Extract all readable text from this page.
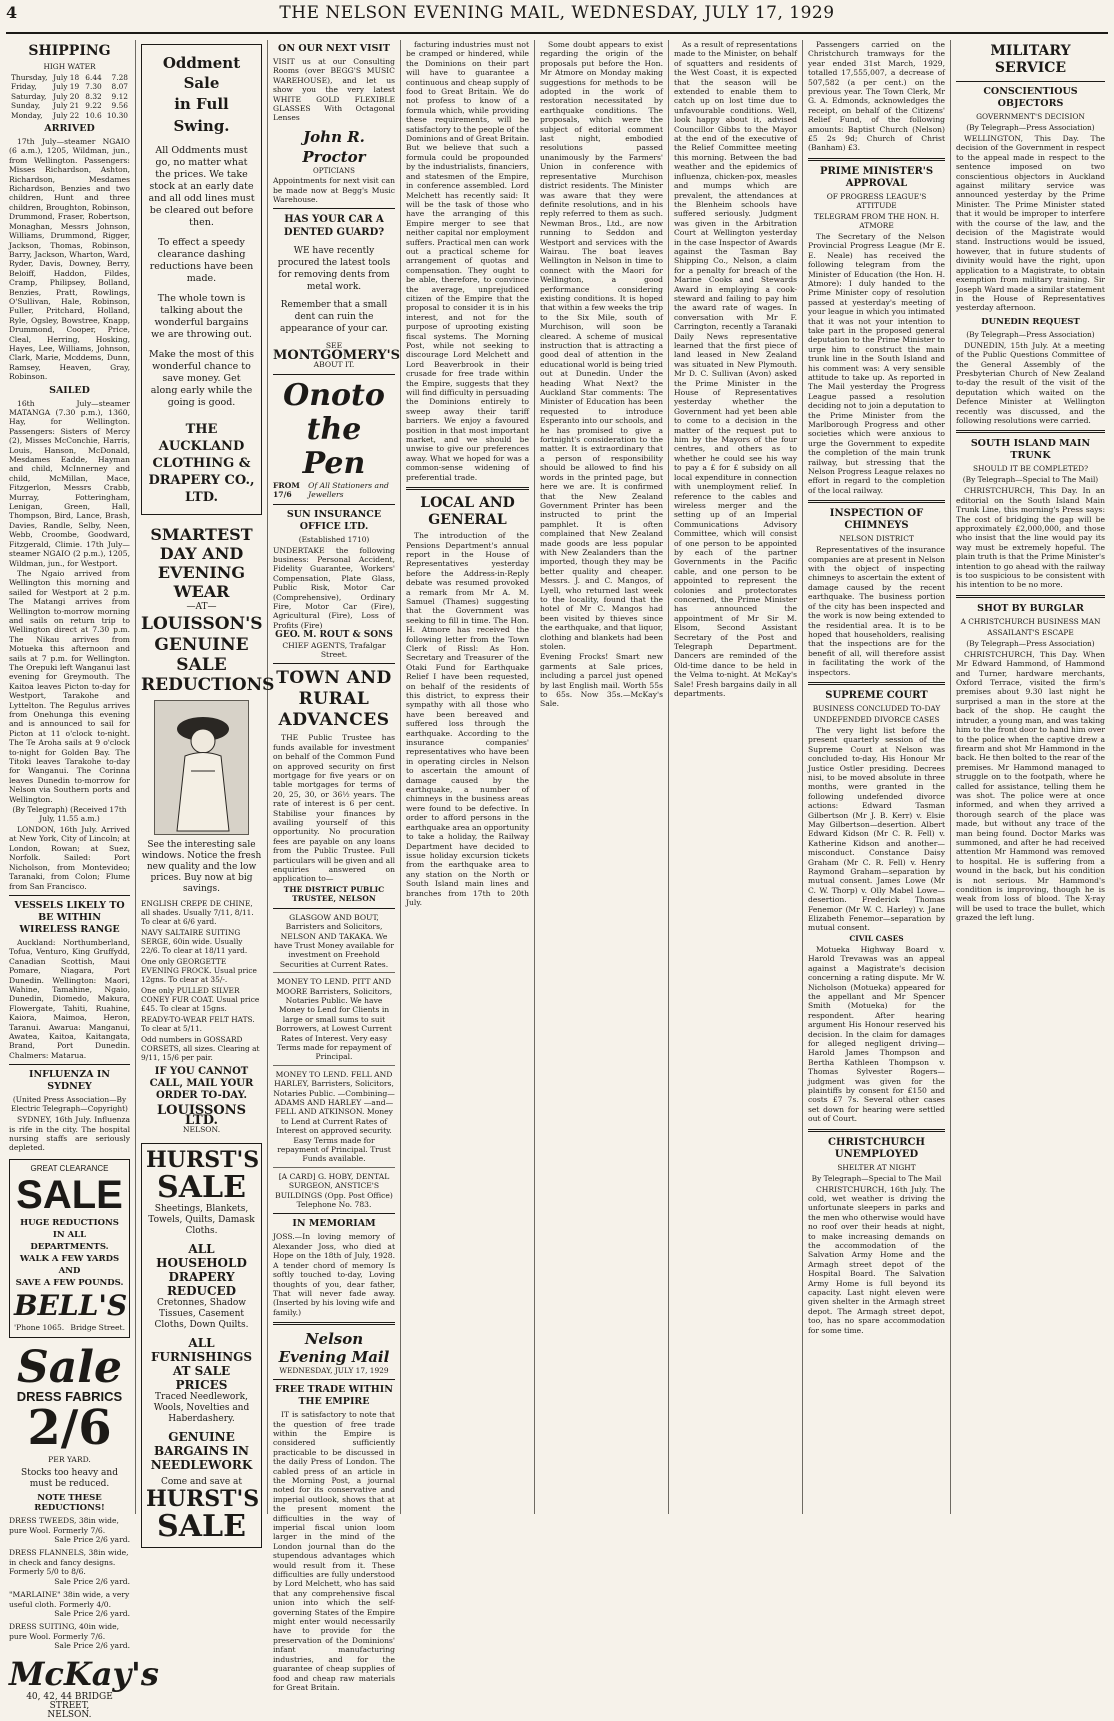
4	THE NELSON EVENING MAIL, WEDNESDAY, JULY 17, 1929
SHIPPING
HIGH WATER
Thursday,	July 18	6.44	7.28
Friday,	July 19	7.30	8.07
Saturday,	July 20	8.32	9.12
Sunday,	July 21	9.22	9.56
Monday,	July 22	10.6	10.30
ARRIVED

17th July—steamer NGAIO (6 a.m.), 1205, Wildman, jun., from Wellington. Passengers: Misses Richardson, Ashton, Richardson, Mesdames Richardson, Benzies and two children, Hunt and three children, Broughton, Robinson, Drummond, Fraser, Robertson, Monaghan, Messrs Johnson, Williams, Drummond, Rigger, Jackson, Thomas, Robinson, Barry, Jackson, Wharton, Ward, Ryder, Davis, Downey, Berry, Beloiff, Haddon, Fildes, Cramp, Philipsey, Bolland, Benzies, Pratt, Rowlings, O'Sullivan, Hale, Robinson, Fuller, Pritchard, Holland, Ryle, Ogsley, Bowstree, Knapp, Drummond, Cooper, Price, Cleal, Herring, Hosking, Hayes, Lee, Williams, Johnson, Clark, Marie, Mcddems, Dunn, Ramsey, Heaven, Gray, Robinson.

SAILED

16th July—steamer MATANGA (7.30 p.m.), 1360, Hay, for Wellington. Passengers: Sisters of Mercy (2), Misses McConchie, Harris, Louis, Hanson, McDonald, Mesdames Eadde, Hayman and child, McInnerney and child, McMillan, Mace, Fitzgerlon, Messrs Crabb, Murray, Fotteringham, Lenigan, Green, Hall, Thompson, Bird, Lance, Brash, Davies, Randle, Selby, Neen, Webb, Croombe, Goodward, Fitzgerald, Climie. 17th July—steamer NGAIO (2 p.m.), 1205, Wildman, jun., for Westport.

The Ngaio arrived from Wellington this morning and sailed for Westport at 2 p.m. The Matangi arrives from Wellington to-morrow morning and sails on return trip to Wellington direct at 7.30 p.m. The Nikau arrives from Motueka this afternoon and sails at 7 p.m. for Wellington. The Orepuki left Wanganui last evening for Greymouth. The Kaitoa leaves Picton to-day for Westport, Tarakohe and Lyttelton. The Regulus arrives from Onehunga this evening and is announced to sail for Picton at 11 o'clock to-night. The Te Aroha sails at 9 o'clock to-night for Golden Bay. The Titoki leaves Tarakohe to-day for Wanganui. The Corinna leaves Dunedin to-morrow for Nelson via Southern ports and Wellington.

(By Telegraph) (Received 17th July, 11.55 a.m.)

LONDON, 16th July. Arrived at New York, City of Lincoln; at London, Rowan; at Suez, Norfolk. Sailed: Port Nicholson, from Montevideo; Taranaki, from Colon; Flume from San Francisco.

VESSELS LIKELY TO BE WITHIN WIRELESS RANGE

Auckland: Northumberland, Tofua, Venturo, King Gruffydd, Canadian Scottish, Maui Pomare, Niagara, Port Dunedin. Wellington: Maori, Wahine, Tamahine, Ngaio, Dunedin, Diomedo, Makura, Flowergate, Tahiti, Ruahine, Kaiora, Maimoa, Heron, Taranui. Awarua: Manganui, Awatea, Kaitoa, Kaitangata, Brand, Port Dunedin. Chalmers: Matarua.

INFLUENZA IN SYDNEY
(United Press Association—By Electric Telegraph—Copyright)

SYDNEY, 16th July. Influenza is rife in the city. The hospital nursing staffs are seriously depleted.

GREAT CLEARANCE
SALE
HUGE REDUCTIONS IN ALL DEPARTMENTS.
WALK A FEW YARDS AND
SAVE A FEW POUNDS.
BELL'S
'Phone 1065. Bridge Street.
Sale
DRESS FABRICS
2/6
PER YARD.
Stocks too heavy and must be reduced.
NOTE THESE REDUCTIONS!
DRESS TWEEDS, 38in wide, pure Wool. Formerly 7/6.
Sale Price 2/6 yard.
DRESS FLANNELS, 38in wide, in check and fancy designs. Formerly 5/0 to 8/6.
Sale Price 2/6 yard.
"MARLAINE" 38in wide, a very useful cloth. Formerly 4/0.
Sale Price 2/6 yard.
DRESS SUITING, 40in wide, pure Wool. Formerly 7/6.
Sale Price 2/6 yard.
McKay's
40, 42, 44 BRIDGE STREET,
NELSON.
Oddment Sale
in Full Swing.
All Oddments must go, no matter what the prices. We take stock at an early date and all odd lines must be cleared out before then.
To effect a speedy clearance dashing reductions have been made.
The whole town is talking about the wonderful bargains we are throwing out.
Make the most of this wonderful chance to save money. Get along early while the going is good.
THE AUCKLAND CLOTHING & DRAPERY CO., LTD.
SMARTEST DAY AND EVENING WEAR
—AT—
LOUISSON'S
GENUINE SALE REDUCTIONS
See the interesting sale windows. Notice the fresh new quality and the low prices. Buy now at big savings.
ENGLISH CREPE DE CHINE, all shades. Usually 7/11, 8/11. To clear at 6/6 yard.
NAVY SALTAIRE SUITING SERGE, 60in wide. Usually 22/6. To clear at 18/11 yard.
One only GEORGETTE EVENING FROCK. Usual price 12gns. To clear at 35/-.
One only PULLED SILVER CONEY FUR COAT. Usual price £45. To clear at 15gns.
READY-TO-WEAR FELT HATS. To clear at 5/11.
Odd numbers in GOSSARD CORSETS, all sizes. Clearing at 9/11, 15/6 per pair.
IF YOU CANNOT CALL, MAIL YOUR ORDER TO-DAY.
LOUISSONS LTD.
NELSON.
HURST'S
SALE
Sheetings, Blankets, Towels, Quilts, Damask Cloths.
ALL HOUSEHOLD DRAPERY REDUCED
Cretonnes, Shadow Tissues, Casement Cloths, Down Quilts.
ALL FURNISHINGS AT SALE PRICES
Traced Needlework, Wools, Novelties and Haberdashery.
GENUINE BARGAINS IN NEEDLEWORK
Come and save at
HURST'S
SALE
ON OUR NEXT VISIT

VISIT us at our Consulting Rooms (over BEGG'S MUSIC WAREHOUSE), and let us show you the very latest WHITE GOLD FLEXIBLE GLASSES With Octagonal Lenses

John R. Proctor
OPTICIANS

Appointments for next visit can be made now at Begg's Music Warehouse.

HAS YOUR CAR A DENTED GUARD?
WE have recently procured the latest tools for removing dents from metal work.
Remember that a small dent can ruin the appearance of your car.
SEE
MONTGOMERY'S
ABOUT IT.
Onoto the Pen
FROM 17/6
Of All Stationers and Jewellers
SUN INSURANCE OFFICE LTD.
(Established 1710)

UNDERTAKE the following business: Personal Accident, Fidelity Guarantee, Workers' Compensation, Plate Glass, Public Risk, Motor Car (Comprehensive), Ordinary Fire, Motor Car (Fire), Agricultural (Fire), Loss of Profits (Fire)

GEO. M. ROUT & SONS
CHIEF AGENTS, Trafalgar Street.
TOWN AND RURAL ADVANCES

THE Public Trustee has funds available for investment on behalf of the Common Fund on approved security on first mortgage for five years or on table mortgages for terms of 20, 25, 30, or 36½ years. The rate of interest is 6 per cent. Stabilise your finances by availing yourself of this opportunity. No procuration fees are payable on any loans from the Public Trustee. Full particulars will be given and all enquiries answered on application to—

THE DISTRICT PUBLIC TRUSTEE, NELSON
GLASGOW AND BOUT, Barristers and Solicitors, NELSON AND TAKAKA. We have Trust Money available for investment on Freehold Securities at Current Rates.
MONEY TO LEND. PITT AND MOORE Barristers, Solicitors, Notaries Public. We have Money to Lend for Clients in large or small sums to suit Borrowers, at Lowest Current Rates of Interest. Very easy Terms made for repayment of Principal.
MONEY TO LEND. FELL AND HARLEY, Barristers, Solicitors, Notaries Public. —Combining— ADAMS AND HARLEY —and— FELL AND ATKINSON. Money to Lend at Current Rates of Interest on approved security. Easy Terms made for repayment of Principal. Trust Funds available.
[A CARD] G. HOBY, DENTAL SURGEON, ANSTICE'S BUILDINGS (Opp. Post Office) Telephone No. 783.
IN MEMORIAM

JOSS.—In loving memory of Alexander Joss, who died at Hope on the 18th of July, 1928. A tender chord of memory Is softly touched to-day, Loving thoughts of you, dear father, That will never fade away. (Inserted by his loving wife and family.)

Nelson Evening Mail
WEDNESDAY, JULY 17, 1929
FREE TRADE WITHIN THE EMPIRE

IT is satisfactory to note that the question of free trade within the Empire is considered sufficiently practicable to be discussed in the daily Press of London. The cabled press of an article in the Morning Post, a journal noted for its conservative and imperial outlook, shows that at the present moment the difficulties in the way of imperial fiscal union loom larger in the mind of the London journal than do the stupendous advantages which would result from it. These difficulties are fully understood by Lord Melchett, who has said that any comprehensive fiscal union into which the self-governing States of the Empire might enter would necessarily have to provide for the preservation of the Dominions' infant manufacturing industries, and for the guarantee of cheap supplies of food and cheap raw materials for Great Britain.

facturing industries must not be cramped or hindered, while the Dominions on their part will have to guarantee a continuous and cheap supply of food to Great Britain. We do not profess to know of a formula which, while providing these requirements, will be satisfactory to the people of the Dominions and of Great Britain. But we believe that such a formula could be propounded by the industrialists, financiers, and statesmen of the Empire, in conference assembled. Lord Melchett has recently said: It will be the task of those who have the arranging of this Empire merger to see that neither capital nor employment suffers. Practical men can work out a practical scheme for arrangement of quotas and compensation. They ought to be able, therefore, to convince the average, unprejudiced citizen of the Empire that the proposal to consider it is in his interest, and not for the purpose of uprooting existing fiscal systems. The Morning Post, while not seeking to discourage Lord Melchett and Lord Beaverbrook in their crusade for free trade within the Empire, suggests that they will find difficulty in persuading the Dominions entirely to sweep away their tariff barriers. We enjoy a favoured position in that most important market, and we should be unwise to give our preferences away. What we hoped for was a common-sense widening of preferential trade.

LOCAL AND GENERAL

The introduction of the Pensions Department's annual report in the House of Representatives yesterday before the Address-in-Reply debate was resumed provoked a remark from Mr A. M. Samuel (Thames) suggesting that the Government was seeking to fill in time. The Hon. H. Atmore has received the following letter from the Town Clerk of Rissl: As Hon. Secretary and Treasurer of the Otaki Fund for Earthquake Relief I have been requested, on behalf of the residents of this district, to express their sympathy with all those who have been bereaved and suffered loss through the earthquake. According to the insurance companies' representatives who have been in operating circles in Nelson to ascertain the amount of damage caused by the earthquake, a number of chimneys in the business areas were found to be defective. In order to afford persons in the earthquake area an opportunity to take a holiday, the Railway Department have decided to issue holiday excursion tickets from the earthquake area to any station on the North or South Island main lines and branches from 17th to 20th July.

Some doubt appears to exist regarding the origin of the proposals put before the Hon. Mr Atmore on Monday making suggestions for methods to be adopted in the work of restoration necessitated by earthquake conditions. The proposals, which were the subject of editorial comment last night, embodied resolutions passed unanimously by the Farmers' Union in conference with representative Murchison district residents. The Minister was aware that they were definite resolutions, and in his reply referred to them as such. Newman Bros., Ltd., are now running to Seddon and Westport and services with the Wairau. The boat leaves Wellington in Nelson in time to connect with the Maori for Wellington, a good performance considering existing conditions. It is hoped that within a few weeks the trip to the Six Mile, south of Murchison, will soon be cleared. A scheme of musical instruction that is attracting a good deal of attention in the educational world is being tried out at Dunedin. Under the heading What Next? the Auckland Star comments: The Minister of Education has been requested to introduce Esperanto into our schools, and he has promised to give a fortnight's consideration to the matter. It is extraordinary that a person of responsibility should be allowed to find his words in the printed page, but here we are. It is confirmed that the New Zealand Government Printer has been instructed to print the pamphlet. It is often complained that New Zealand made goods are less popular with New Zealanders than the imported, though they may be better quality and cheaper. Messrs. J. and C. Mangos, of Lyell, who returned last week to the locality, found that the hotel of Mr C. Mangos had been visited by thieves since the earthquake, and that liquor, clothing and blankets had been stolen.

Evening Frocks! Smart new garments at Sale prices, including a parcel just opened by last English mail. Worth 55s to 65s. Now 35s.—McKay's Sale.

As a result of representations made to the Minister, on behalf of squatters and residents of the West Coast, it is expected that the season will be extended to enable them to catch up on lost time due to unfavourable conditions. Well, look happy about it, advised Councillor Gibbs to the Mayor at the end of the executive of the Relief Committee meeting this morning. Between the bad weather and the epidemics of influenza, chicken-pox, measles and mumps which are prevalent, the attendances at the Blenheim schools have suffered seriously. Judgment was given in the Arbitration Court at Wellington yesterday in the case Inspector of Awards against the Tasman Bay Shipping Co., Nelson, a claim for a penalty for breach of the Marine Cooks and Stewards Award in employing a cook-steward and failing to pay him the award rate of wages. In conversation with Mr F. Carrington, recently a Taranaki Daily News representative learned that the first piece of land leased in New Zealand was situated in New Plymouth. Mr D. C. Sullivan (Avon) asked the Prime Minister in the House of Representatives yesterday whether the Government had yet been able to come to a decision in the matter of the request put to him by the Mayors of the four centres, and others as to whether he could see his way to pay a £ for £ subsidy on all local expenditure in connection with unemployment relief. In reference to the cables and wireless merger and the setting up of an Imperial Communications Advisory Committee, which will consist of one person to be appointed by each of the partner Governments in the Pacific cable, and one person to be appointed to represent the colonies and protectorates concerned, the Prime Minister has announced the appointment of Mr Sir M. Elsom, Second Assistant Secretary of the Post and Telegraph Department. Dancers are reminded of the Old-time dance to be held in the Velma to-night. At McKay's Sale! Fresh bargains daily in all departments.

Passengers carried on the Christchurch tramways for the year ended 31st March, 1929, totalled 17,555,007, a decrease of 507,582 (a per cent.) on the previous year. The Town Clerk, Mr G. A. Edmonds, acknowledges the receipt, on behalf of the Citizens' Relief Fund, of the following amounts: Baptist Church (Nelson) £5 2s 9d; Church of Christ (Banham) £3.

PRIME MINISTER'S APPROVAL
OF PROGRESS LEAGUE'S ATTITUDE
TELEGRAM FROM THE HON. H. ATMORE

The Secretary of the Nelson Provincial Progress League (Mr E. E. Neale) has received the following telegram from the Minister of Education (the Hon. H. Atmore): I duly handed to the Prime Minister copy of resolution passed at yesterday's meeting of your league in which you intimated that it was not your intention to take part in the proposed general deputation to the Prime Minister to urge him to construct the main trunk line in the South Island and his comment was: A very sensible attitude to take up. As reported in The Mail yesterday the Progress League passed a resolution deciding not to join a deputation to the Prime Minister from the Marlborough Progress and other societies which were anxious to urge the Government to expedite the completion of the main trunk railway, but stressing that the Nelson Progress League relaxes no effort in regard to the completion of the local railway.

INSPECTION OF CHIMNEYS
NELSON DISTRICT

Representatives of the insurance companies are at present in Nelson with the object of inspecting chimneys to ascertain the extent of damage caused by the recent earthquake. The business portion of the city has been inspected and the work is now being extended to the residential area. It is to be hoped that householders, realising that the inspections are for the benefit of all, will therefore assist in facilitating the work of the inspectors.

SUPREME COURT
BUSINESS CONCLUDED TO-DAY
UNDEFENDED DIVORCE CASES

The very light list before the present quarterly session of the Supreme Court at Nelson was concluded to-day, His Honour Mr Justice Ostler presiding. Decrees nisi, to be moved absolute in three months, were granted in the following undefended divorce actions: Edward Tasman Gilbertson (Mr J. B. Kerr) v. Elsie May Gilbertson—desertion. Albert Edward Kidson (Mr C. R. Fell) v. Katherine Kidson and another—misconduct. Constance Daisy Graham (Mr C. R. Fell) v. Henry Raymond Graham—separation by mutual consent. James Lowe (Mr C. W. Thorp) v. Olly Mabel Lowe—desertion. Frederick Thomas Fenemor (Mr W. C. Harley) v. Jane Elizabeth Fenemor—separation by mutual consent.

CIVIL CASES

Motueka Highway Board v. Harold Trevawas was an appeal against a Magistrate's decision concerning a rating dispute. Mr W. Nicholson (Motueka) appeared for the appellant and Mr Spencer Smith (Motueka) for the respondent. After hearing argument His Honour reserved his decision. In the claim for damages for alleged negligent driving—Harold James Thompson and Bertha Kathleen Thompson v. Thomas Sylvester Rogers—judgment was given for the plaintiffs by consent for £150 and costs £7 7s. Several other cases set down for hearing were settled out of Court.

CHRISTCHURCH UNEMPLOYED
SHELTER AT NIGHT
By Telegraph—Special to The Mail

CHRISTCHURCH, 16th July. The cold, wet weather is driving the unfortunate sleepers in parks and the men who otherwise would have no roof over their heads at night, to make increasing demands on the accommodation of the Salvation Army Home and the Armagh street depot of the Hospital Board. The Salvation Army Home is full beyond its capacity. Last night eleven were given shelter in the Armagh street depot. The Armagh street depot, too, has no spare accommodation for some time.

MILITARY SERVICE
CONSCIENTIOUS OBJECTORS
GOVERNMENT'S DECISION
(By Telegraph—Press Association)

WELLINGTON, This Day. The decision of the Government in respect to the appeal made in respect to the sentence imposed on two conscientious objectors in Auckland against military service was announced yesterday by the Prime Minister. The Prime Minister stated that it would be improper to interfere with the course of the law, and the decision of the Magistrate would stand. Instructions would be issued, however, that in future students of divinity would have the right, upon application to a Magistrate, to obtain exemption from military training. Sir Joseph Ward made a similar statement in the House of Representatives yesterday afternoon.

DUNEDIN REQUEST
(By Telegraph—Press Association)

DUNEDIN, 15th July. At a meeting of the Public Questions Committee of the General Assembly of the Presbyterian Church of New Zealand to-day the result of the visit of the deputation which waited on the Defence Minister at Wellington recently was discussed, and the following resolutions were carried.

SOUTH ISLAND MAIN TRUNK
SHOULD IT BE COMPLETED?
(By Telegraph—Special to The Mail)

CHRISTCHURCH, This Day. In an editorial on the South Island Main Trunk Line, this morning's Press says: The cost of bridging the gap will be approximately £2,000,000, and those who insist that the line would pay its way must be extremely hopeful. The plain truth is that the Prime Minister's intention to go ahead with the railway is too suspicious to be consistent with his intention to be no more.

SHOT BY BURGLAR
A CHRISTCHURCH BUSINESS MAN
ASSAILANT'S ESCAPE
(By Telegraph—Press Association)

CHRISTCHURCH, This Day. When Mr Edward Hammond, of Hammond and Turner, hardware merchants, Oxford Terrace, visited the firm's premises about 9.30 last night he surprised a man in the store at the back of the shop. He caught the intruder, a young man, and was taking him to the front door to hand him over to the police when the captive drew a firearm and shot Mr Hammond in the back. He then bolted to the rear of the premises. Mr Hammond managed to struggle on to the footpath, where he called for assistance, telling them he was shot. The police were at once informed, and when they arrived a thorough search of the place was made, but without any trace of the man being found. Doctor Marks was summoned, and after he had received attention Mr Hammond was removed to hospital. He is suffering from a wound in the back, but his condition is not serious. Mr Hammond's condition is improving, though he is weak from loss of blood. The X-ray will be used to trace the bullet, which grazed the left lung.
